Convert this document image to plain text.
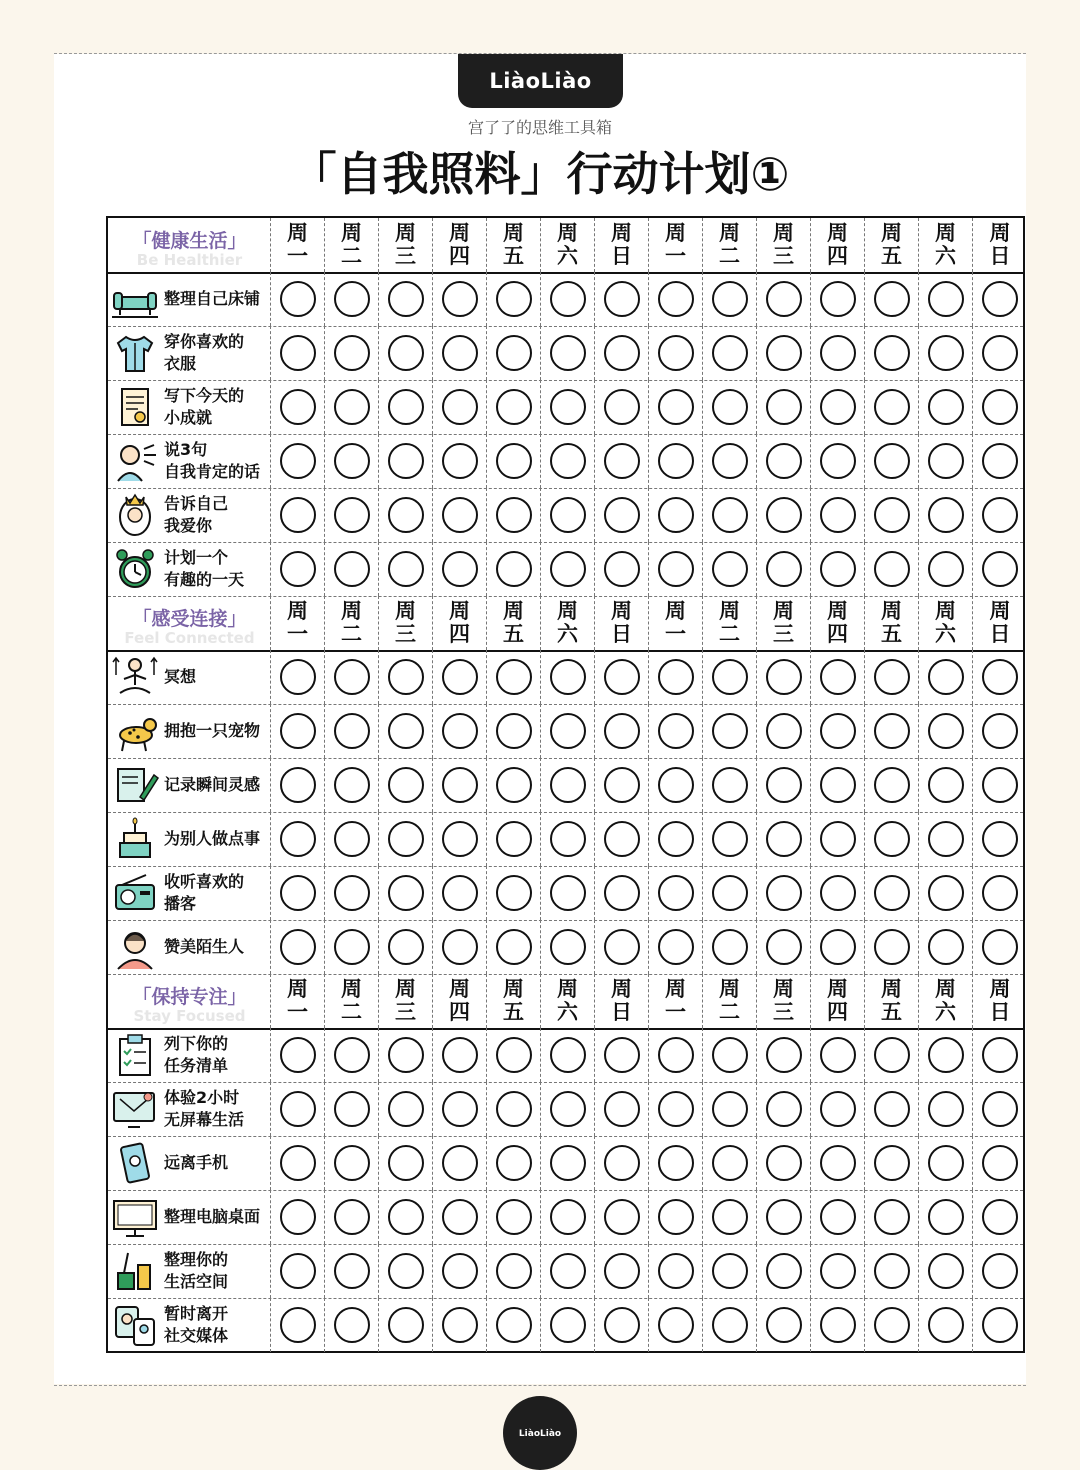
LiàoLiào
宫了了的思维工具箱
「自我照料」行动计划①
「健康生活」
Be Healthier
周一
周二
周三
周四
周五
周六
周日
周一
周二
周三
周四
周五
周六
周日
整理自己床铺
穿你喜欢的
衣服
写下今天的
小成就
说3句
自我肯定的话
告诉自己
我爱你
计划一个
有趣的一天
「感受连接」
Feel Connected
周一
周二
周三
周四
周五
周六
周日
周一
周二
周三
周四
周五
周六
周日
冥想
拥抱一只宠物
记录瞬间灵感
为别人做点事
收听喜欢的
播客
赞美陌生人
「保持专注」
Stay Focused
周一
周二
周三
周四
周五
周六
周日
周一
周二
周三
周四
周五
周六
周日
列下你的
任务清单
体验2小时
无屏幕生活
远离手机
整理电脑桌面
整理你的
生活空间
暂时离开
社交媒体
LiàoLiào
